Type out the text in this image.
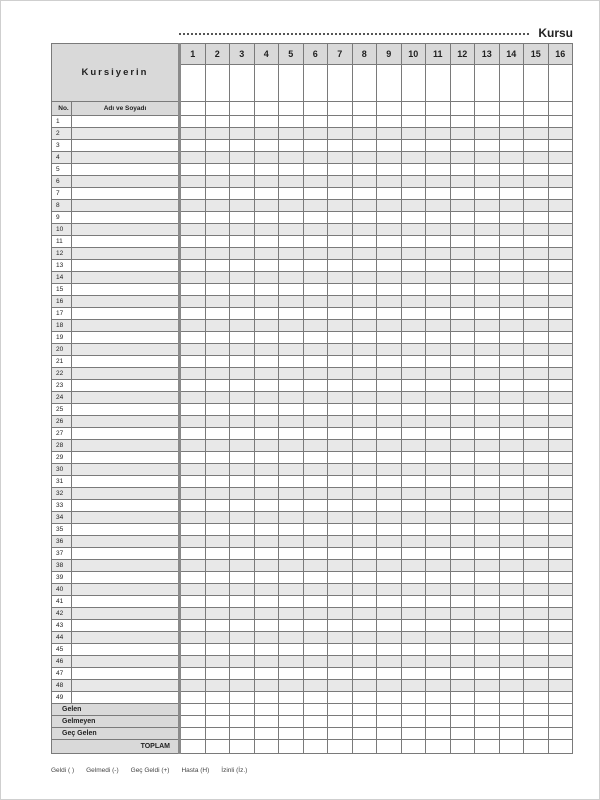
Kursu
Kursiyerin		1	2	3	4	5	6	7	8	9	10	11	12	13	14	15	16

No.	Adı ve Soyadı																
1																	
2																	
3																	
4																	
5																	
6																	
7																	
8																	
9																	
10																	
11																	
12																	
13																	
14																	
15																	
16																	
17																	
18																	
19																	
20																	
21																	
22																	
23																	
24																	
25																	
26																	
27																	
28																	
29																	
30																	
31																	
32																	
33																	
34																	
35																	
36																	
37																	
38																	
39																	
40																	
41																	
42																	
43																	
44																	
45																	
46																	
47																	
48																	
49																	
Gelen																	
Gelmeyen																	
Geç Gelen																	
TOPLAM																	
Geldi ( ) Gelmedi (-) Geç Geldi (+) Hasta (H) İzinli (İz.)
